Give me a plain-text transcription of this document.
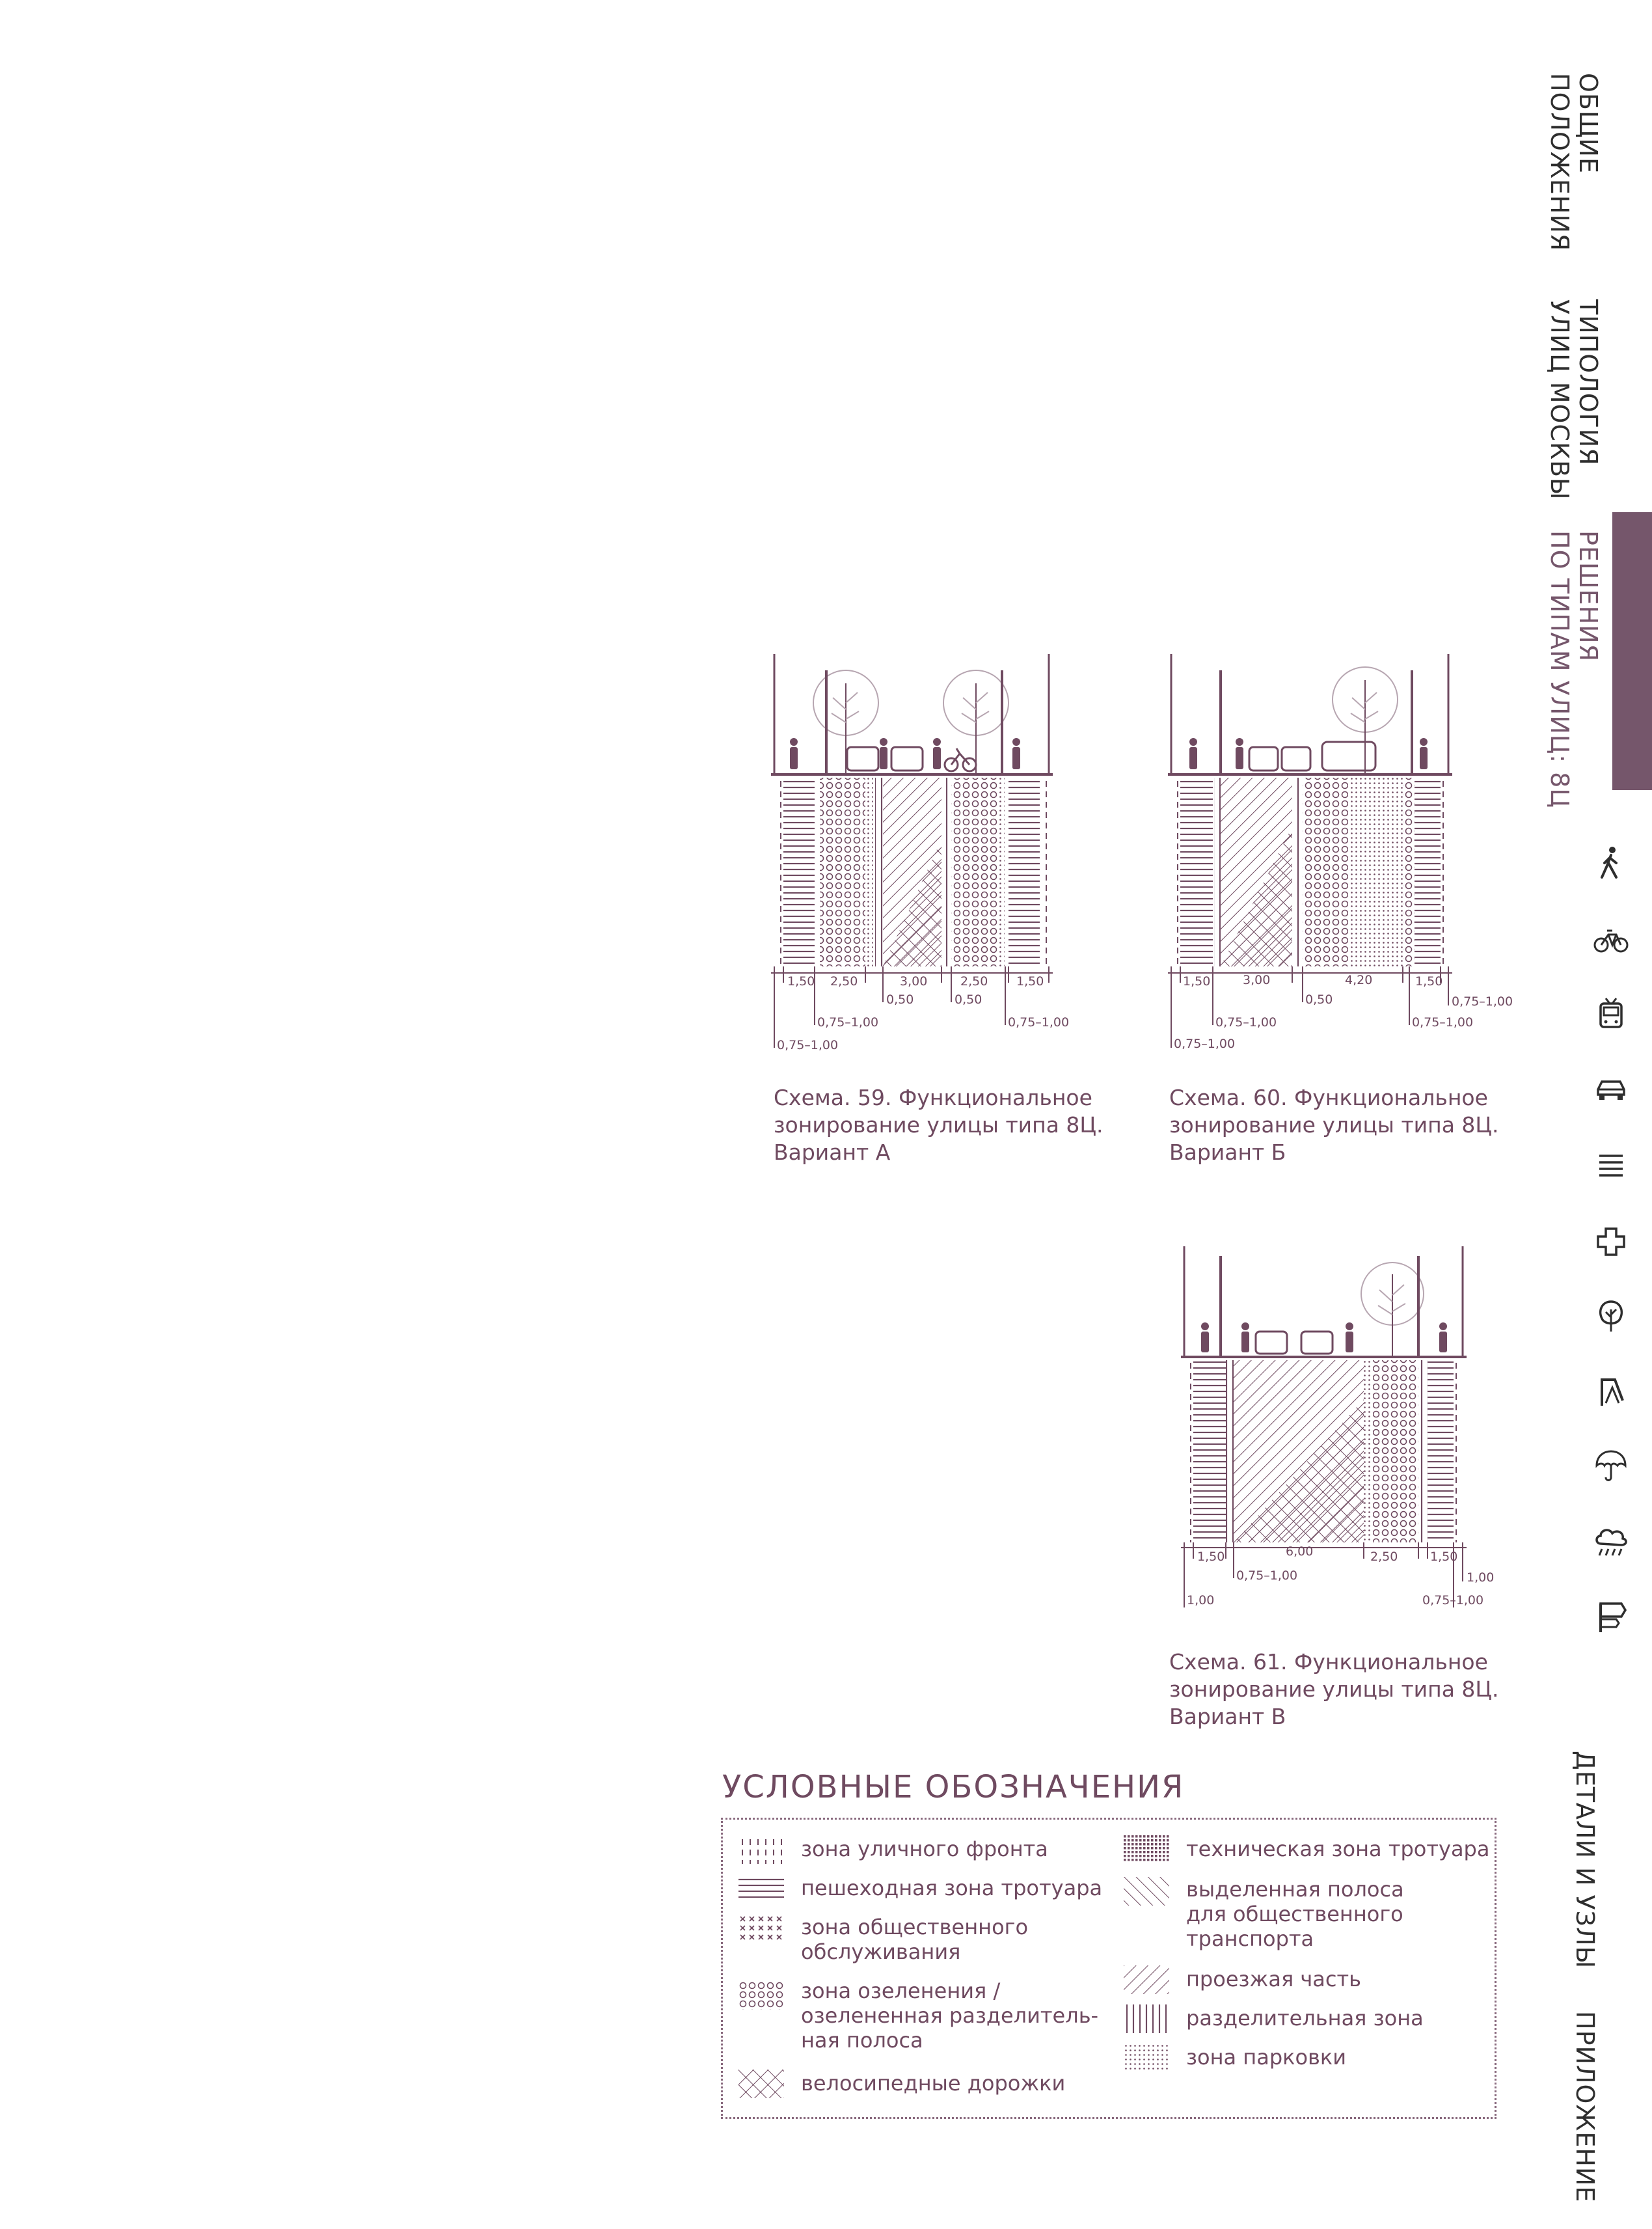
1,50 2,50	3,00	2,50 1,50
0,50	0,50
0,75–1,00	0,75–1,00
0,75–1,00
1,50	3,00	4,20	1,50
0,50	0,75–1,00
0,75–1,00	0,75–1,00
0,75–1,00
1,50	6,00	2,50	1,50
0,75–1,00	1,00
1,00	0,75–1,00
Схема. 59. Функциональное
зонирование улицы типа 8Ц.
Вариант А
Схема. 60. Функциональное
зонирование улицы типа 8Ц.
Вариант Б
Схема. 61. Функциональное
зонирование улицы типа 8Ц.
Вариант В
УСЛОВНЫЕ ОБОЗНАЧЕНИЯ
зона уличного фронта
пешеходная зона тротуара
зона общественного
обслуживания
зона озеленения /
озелененная разделитель-
ная полоса
велосипедные дорожки
техническая зона тротуара
выделенная полоса
для общественного
транспорта
проезжая часть
разделительная зона
зона парковки
ОБЩИЕ
ПОЛОЖЕНИЯ
ТИПОЛОГИЯ
УЛИЦ МОСКВЫ
РЕШЕНИЯ
ПО ТИПАМ УЛИЦ: 8Ц
ДЕТАЛИ И УЗЛЫ
ПРИЛОЖЕНИЕ
